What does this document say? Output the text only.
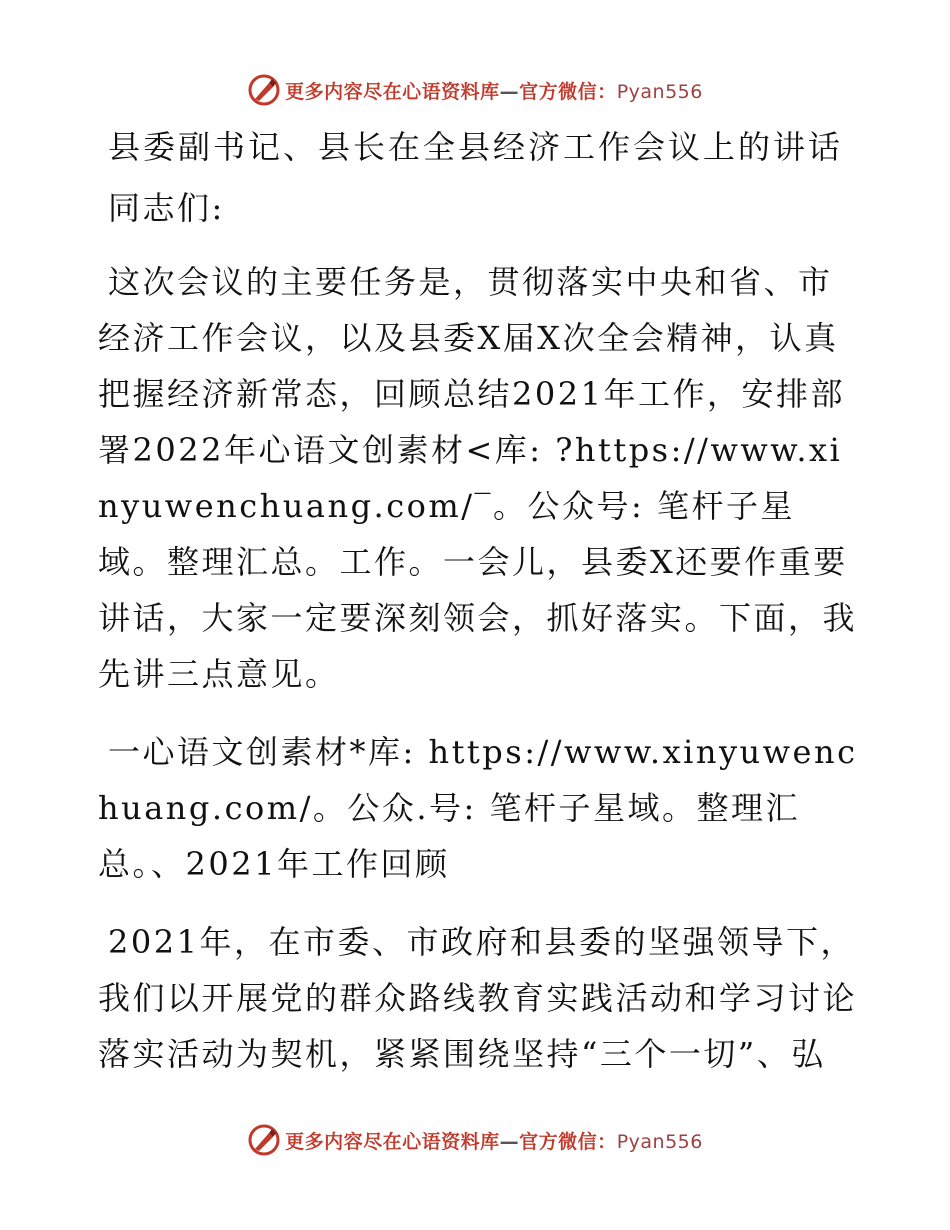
更多内容尽在心语资料库—官方微信：Pyan556
县委副书记、县长在全县经济工作会议上的讲话

同志们:

这次会议的主要任务是，贯彻落实中央和省、市经济工作会议，以及县委X届X次全会精神，认真把握经济新常态，回顾总结2021年工作，安排部署2022年心语文创素材<库: ?https://www.xinyuwenchuang.com/‾。公众号: 笔杆子星域。整理汇总。工作。一会儿，县委X还要作重要讲话，大家一定要深刻领会，抓好落实。下面，我先讲三点意见。

一心语文创素材*库: https://www.xinyuwenchuang.com/。公众.号: 笔杆子星域。整理汇总。、2021年工作回顾

2021年，在市委、市政府和县委的坚强领导下，我们以开展党的群众路线教育实践活动和学习讨论落实活动为契机，紧紧围绕坚持“三个一切”、弘

更多内容尽在心语资料库—官方微信：Pyan556
